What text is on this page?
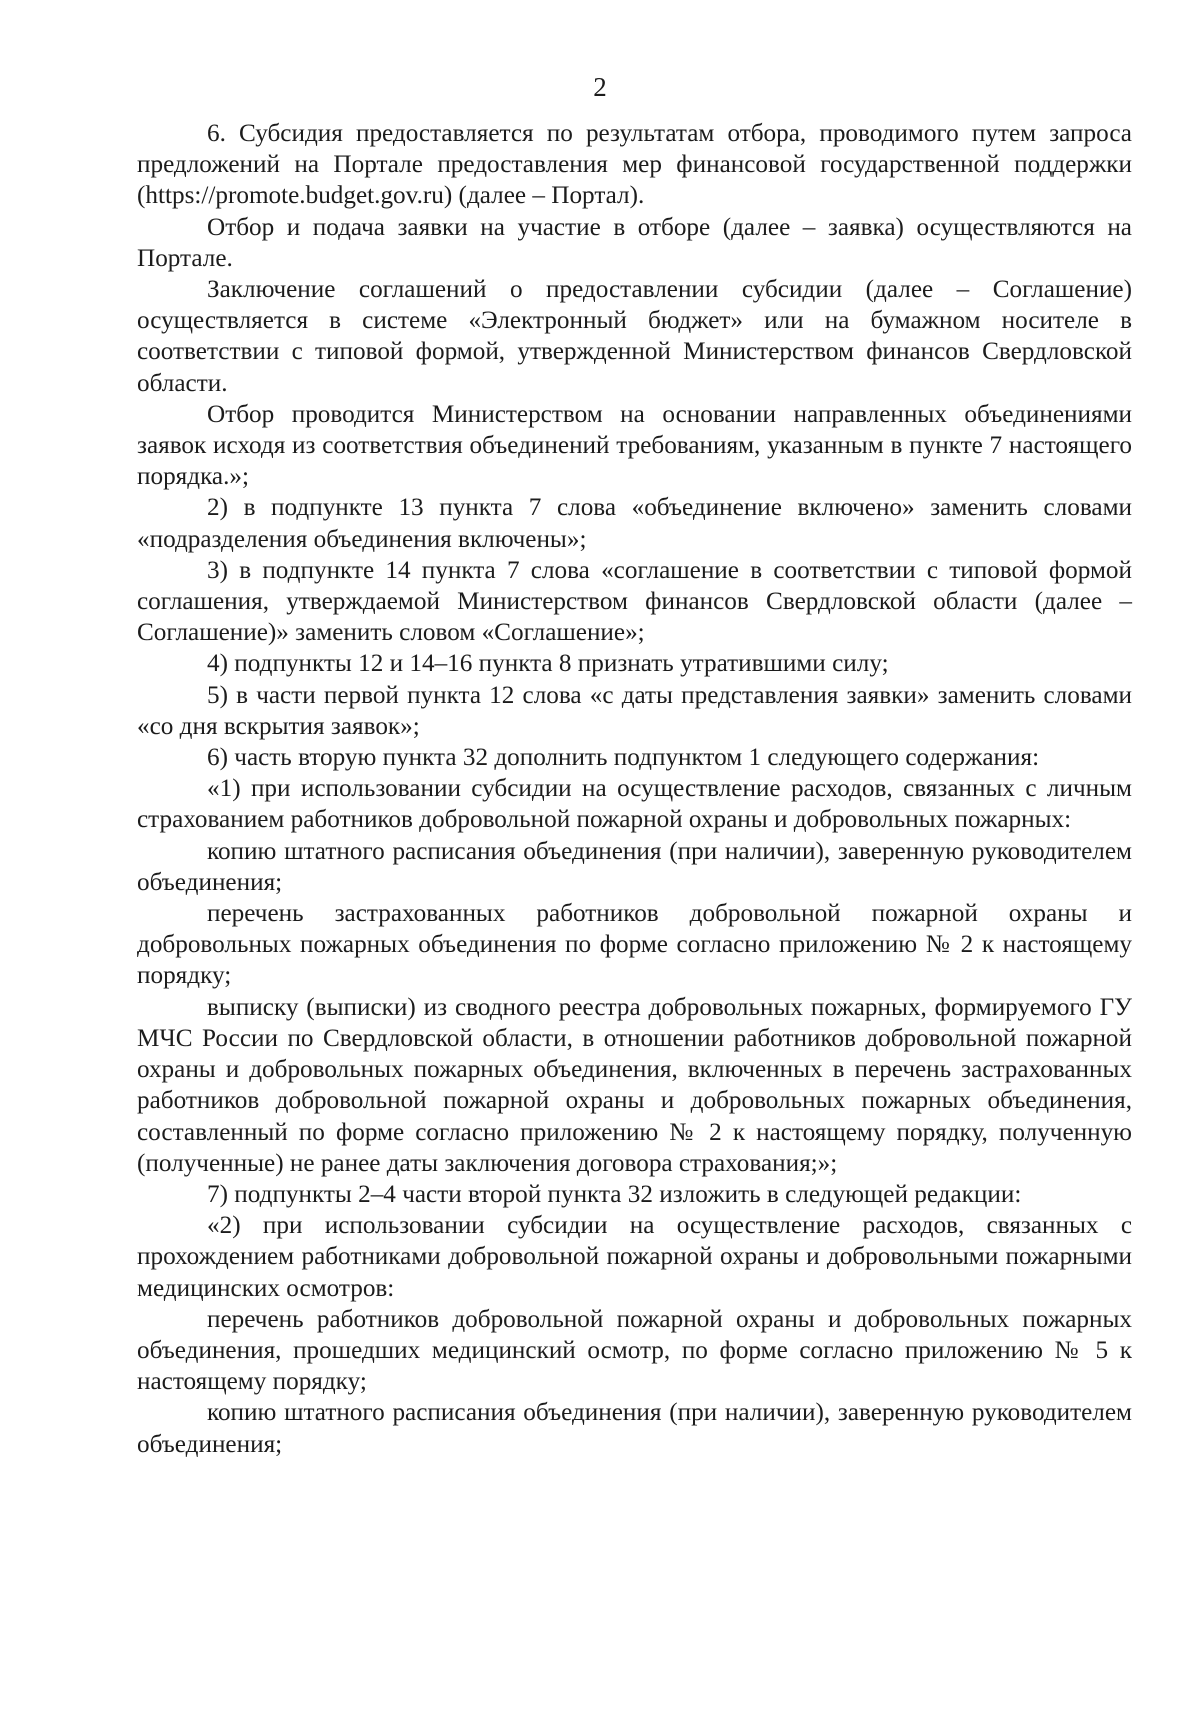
2

6. Субсидия предоставляется по результатам отбора, проводимого путем запроса предложений на Портале предоставления мер финансовой государственной поддержки (https://promote.budget.gov.ru) (далее – Портал).

Отбор и подача заявки на участие в отборе (далее – заявка) осуществляются на Портале.

Заключение соглашений о предоставлении субсидии (далее – Соглашение) осуществляется в системе «Электронный бюджет» или на бумажном носителе в соответствии с типовой формой, утвержденной Министерством финансов Свердловской области.

Отбор проводится Министерством на основании направленных объединениями заявок исходя из соответствия объединений требованиям, указанным в пункте 7 настоящего порядка.»;

2) в подпункте 13 пункта 7 слова «объединение включено» заменить словами «подразделения объединения включены»;

3) в подпункте 14 пункта 7 слова «соглашение в соответствии с типовой формой соглашения, утверждаемой Министерством финансов Свердловской области (далее – Соглашение)» заменить словом «Соглашение»;

4) подпункты 12 и 14–16 пункта 8 признать утратившими силу;

5) в части первой пункта 12 слова «с даты представления заявки» заменить словами «со дня вскрытия заявок»;

6) часть вторую пункта 32 дополнить подпунктом 1 следующего содержания:

«1) при использовании субсидии на осуществление расходов, связанных с личным страхованием работников добровольной пожарной охраны и добровольных пожарных:

копию штатного расписания объединения (при наличии), заверенную руководителем объединения;

перечень застрахованных работников добровольной пожарной охраны и добровольных пожарных объединения по форме согласно приложению № 2 к настоящему порядку;

выписку (выписки) из сводного реестра добровольных пожарных, формируемого ГУ МЧС России по Свердловской области, в отношении работников добровольной пожарной охраны и добровольных пожарных объединения, включенных в перечень застрахованных работников добровольной пожарной охраны и добровольных пожарных объединения, составленный по форме согласно приложению № 2 к настоящему порядку, полученную (полученные) не ранее даты заключения договора страхования;»;

7) подпункты 2–4 части второй пункта 32 изложить в следующей редакции:

«2) при использовании субсидии на осуществление расходов, связанных с прохождением работниками добровольной пожарной охраны и добровольными пожарными медицинских осмотров:

перечень работников добровольной пожарной охраны и добровольных пожарных объединения, прошедших медицинский осмотр, по форме согласно приложению № 5 к настоящему порядку;

копию штатного расписания объединения (при наличии), заверенную руководителем объединения;
